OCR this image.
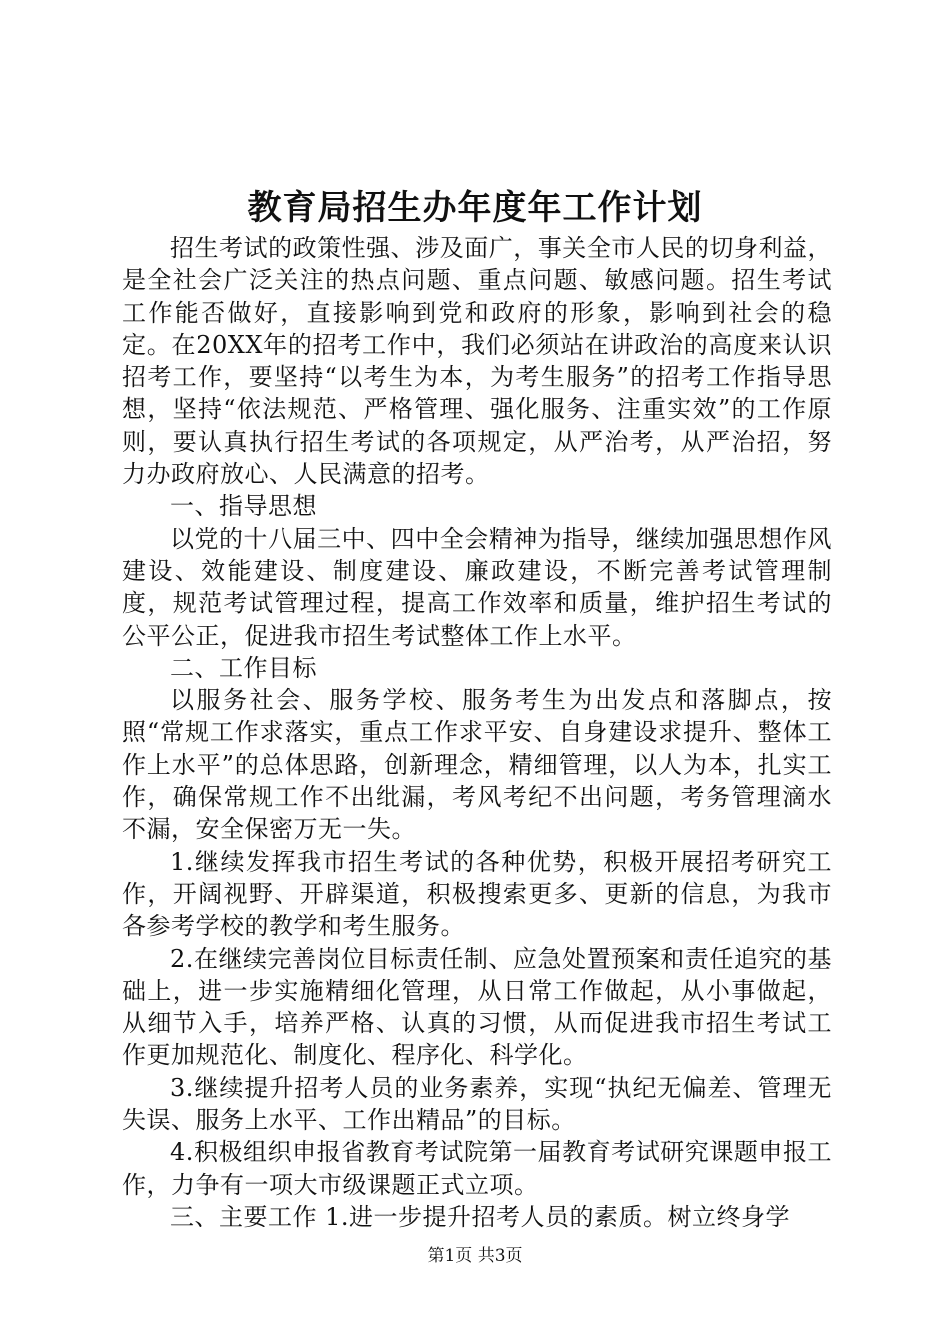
教育局招生办年度年工作计划

招生考试的政策性强、涉及面广，事关全市人民的切身利益，是全社会广泛关注的热点问题、重点问题、敏感问题。招生考试工作能否做好，直接影响到党和政府的形象，影响到社会的稳定。在20XX年的招考工作中，我们必须站在讲政治的高度来认识招考工作，要坚持“以考生为本，为考生服务”的招考工作指导思想，坚持“依法规范、严格管理、强化服务、注重实效”的工作原则，要认真执行招生考试的各项规定，从严治考，从严治招，努力办政府放心、人民满意的招考。

一、指导思想

以党的十八届三中、四中全会精神为指导，继续加强思想作风建设、效能建设、制度建设、廉政建设，不断完善考试管理制度，规范考试管理过程，提高工作效率和质量，维护招生考试的公平公正，促进我市招生考试整体工作上水平。

二、工作目标

以服务社会、服务学校、服务考生为出发点和落脚点，按照“常规工作求落实，重点工作求平安、自身建设求提升、整体工作上水平”的总体思路，创新理念，精细管理，以人为本，扎实工作，确保常规工作不出纰漏，考风考纪不出问题，考务管理滴水不漏，安全保密万无一失。

1.继续发挥我市招生考试的各种优势，积极开展招考研究工作，开阔视野、开辟渠道，积极搜索更多、更新的信息，为我市各参考学校的教学和考生服务。

2.在继续完善岗位目标责任制、应急处置预案和责任追究的基础上，进一步实施精细化管理，从日常工作做起，从小事做起，从细节入手，培养严格、认真的习惯，从而促进我市招生考试工作更加规范化、制度化、程序化、科学化。

3.继续提升招考人员的业务素养，实现“执纪无偏差、管理无失误、服务上水平、工作出精品”的目标。

4.积极组织申报省教育考试院第一届教育考试研究课题申报工作，力争有一项大市级课题正式立项。

三、主要工作 1.进一步提升招考人员的素质。树立终身学

第1页 共3页
